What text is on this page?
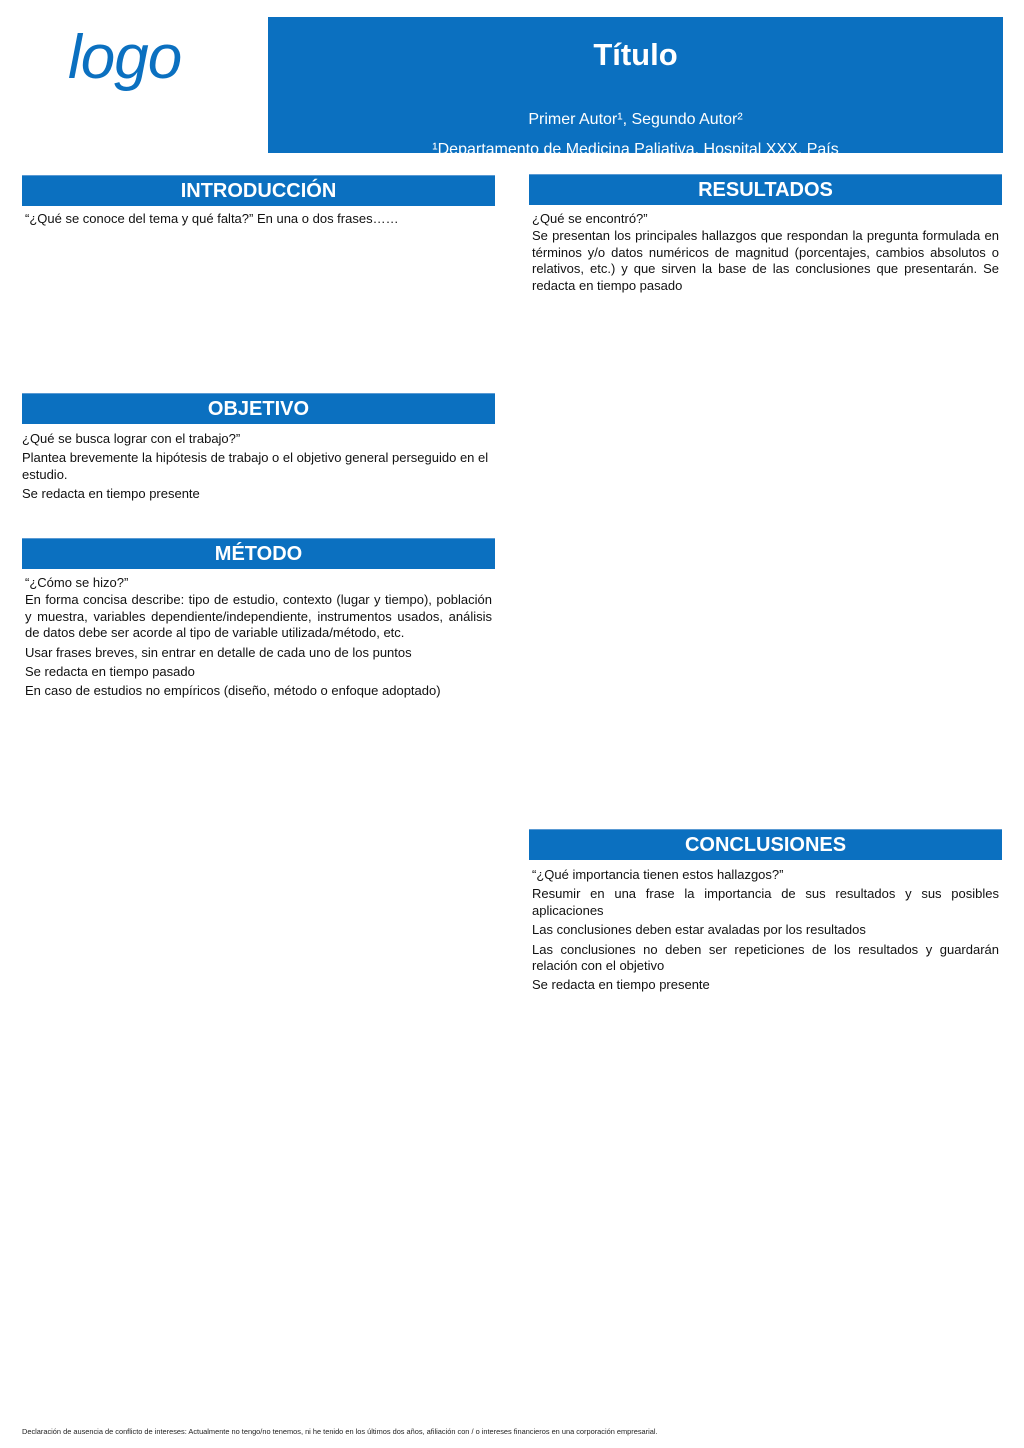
logo	Título
Primer Autor¹, Segundo Autor²
¹Departamento de Medicina Paliativa, Hospital XXX, País
INTRODUCCIÓN

“¿Qué se conoce del tema y qué falta?” En una o dos frases……

RESULTADOS

¿Qué se encontró?”

Se presentan los principales hallazgos que respondan la pregunta formulada en términos y/o datos numéricos de magnitud (porcentajes, cambios absolutos o relativos, etc.) y que sirven la base de las conclusiones que presentarán. Se redacta en tiempo pasado

OBJETIVO

¿Qué se busca lograr con el trabajo?”

Plantea brevemente la hipótesis de trabajo o el objetivo general perseguido en el estudio.

Se redacta en tiempo presente

MÉTODO

“¿Cómo se hizo?”

En forma concisa describe: tipo de estudio, contexto (lugar y tiempo), población y muestra, variables dependiente/independiente, instrumentos usados, análisis de datos debe ser acorde al tipo de variable utilizada/método, etc.

Usar frases breves, sin entrar en detalle de cada uno de los puntos

Se redacta en tiempo pasado

En caso de estudios no empíricos (diseño, método o enfoque adoptado)

CONCLUSIONES

“¿Qué importancia tienen estos hallazgos?”

Resumir en una frase la importancia de sus resultados y sus posibles aplicaciones

Las conclusiones deben estar avaladas por los resultados

Las conclusiones no deben ser repeticiones de los resultados y guardarán relación con el objetivo

Se redacta en tiempo presente

Declaración de ausencia de conflicto de intereses: Actualmente no tengo/no tenemos, ni he tenido en los últimos dos años, afiliación con / o intereses financieros en una corporación empresarial.
